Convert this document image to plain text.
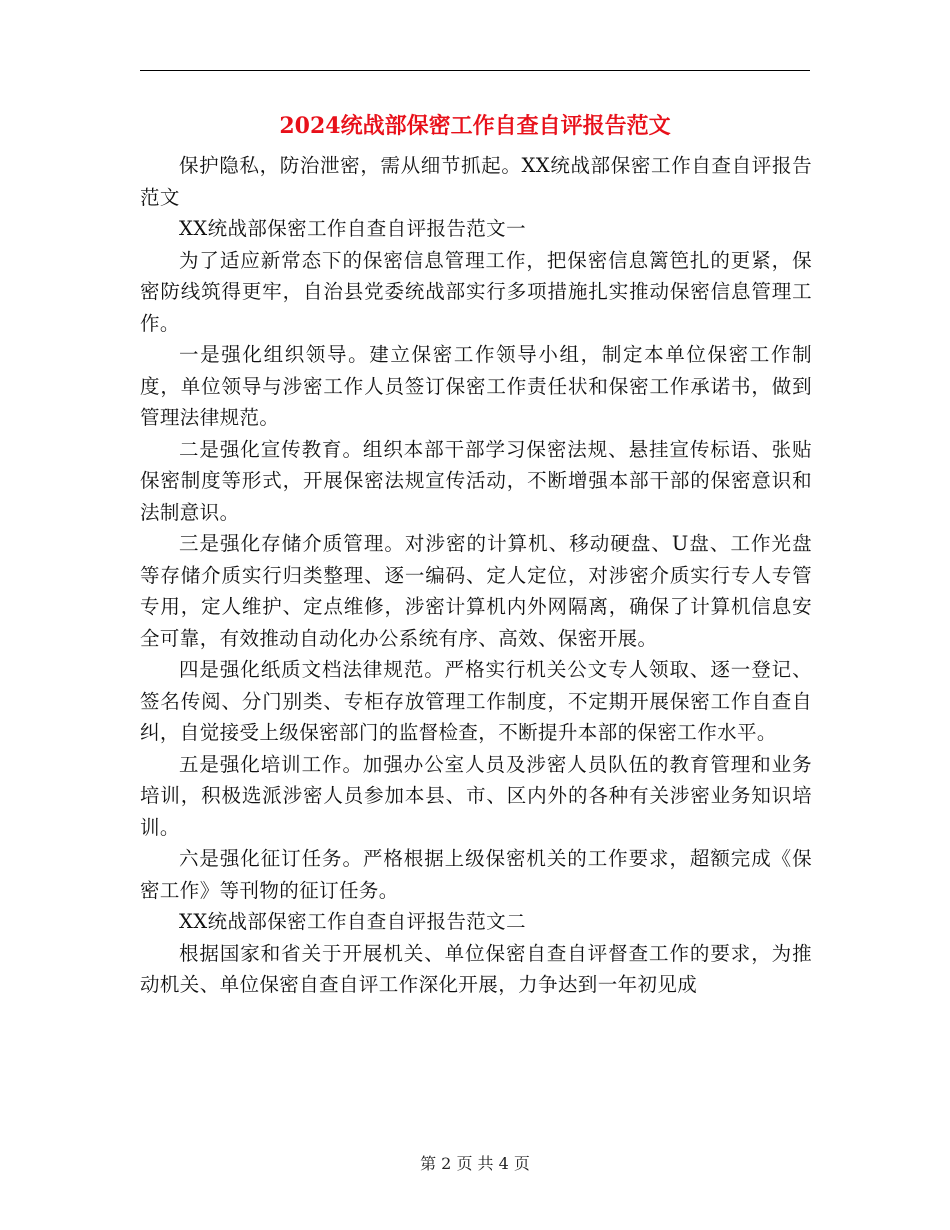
2024统战部保密工作自查自评报告范文

保护隐私，防治泄密，需从细节抓起。XX统战部保密工作自查自评报告范文

XX统战部保密工作自查自评报告范文一

为了适应新常态下的保密信息管理工作，把保密信息篱笆扎的更紧，保密防线筑得更牢，自治县党委统战部实行多项措施扎实推动保密信息管理工作。

一是强化组织领导。建立保密工作领导小组，制定本单位保密工作制度，单位领导与涉密工作人员签订保密工作责任状和保密工作承诺书，做到管理法律规范。

二是强化宣传教育。组织本部干部学习保密法规、悬挂宣传标语、张贴保密制度等形式，开展保密法规宣传活动，不断增强本部干部的保密意识和法制意识。

三是强化存储介质管理。对涉密的计算机、移动硬盘、U盘、工作光盘等存储介质实行归类整理、逐一编码、定人定位，对涉密介质实行专人专管专用，定人维护、定点维修，涉密计算机内外网隔离，确保了计算机信息安全可靠，有效推动自动化办公系统有序、高效、保密开展。

四是强化纸质文档法律规范。严格实行机关公文专人领取、逐一登记、签名传阅、分门别类、专柜存放管理工作制度，不定期开展保密工作自查自纠，自觉接受上级保密部门的监督检查，不断提升本部的保密工作水平。

五是强化培训工作。加强办公室人员及涉密人员队伍的教育管理和业务培训，积极选派涉密人员参加本县、市、区内外的各种有关涉密业务知识培训。

六是强化征订任务。严格根据上级保密机关的工作要求，超额完成《保密工作》等刊物的征订任务。

XX统战部保密工作自查自评报告范文二

根据国家和省关于开展机关、单位保密自查自评督查工作的要求，为推动机关、单位保密自查自评工作深化开展，力争达到一年初见成

第 2 页 共 4 页
